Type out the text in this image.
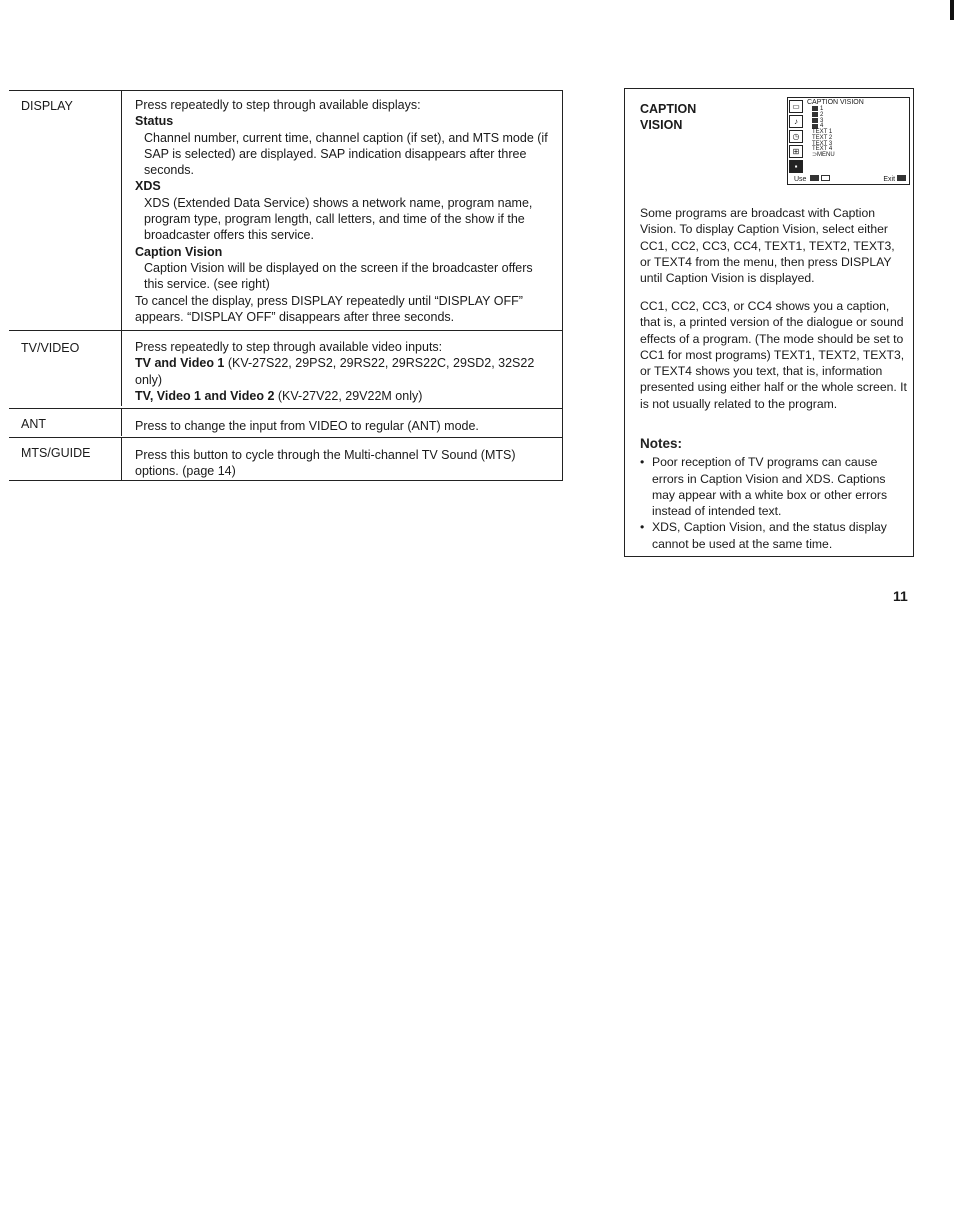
DISPLAY	Press repeatedly to step through available displays:
Status
Channel number, current time, channel caption (if set), and MTS mode (if SAP is selected) are displayed. SAP indication disappears after three seconds.
XDS
XDS (Extended Data Service) shows a network name, program name, program type, program length, call letters, and time of the show if the broadcaster offers this service.
Caption Vision
Caption Vision will be displayed on the screen if the broadcaster offers this service. (see right)
To cancel the display, press DISPLAY repeatedly until “DISPLAY OFF” appears. “DISPLAY OFF” disappears after three seconds.
TV/VIDEO	Press repeatedly to step through available video inputs:
TV and Video 1 (KV-27S22, 29PS2, 29RS22, 29RS22C, 29SD2, 32S22 only)
TV, Video 1 and Video 2 (KV-27V22, 29V22M only)
ANT	Press to change the input from VIDEO to regular (ANT) mode.
MTS/GUIDE	Press this button to cycle through the Multi-channel TV Sound (MTS) options. (page 14)
CAPTION
VISION
Some programs are broadcast with Caption Vision. To display Caption Vision, select either CC1, CC2, CC3, CC4, TEXT1, TEXT2, TEXT3, or TEXT4 from the menu, then press DISPLAY until Caption Vision is displayed.
CC1, CC2, CC3, or CC4 shows you a caption, that is, a printed version of the dialogue or sound effects of a program. (The mode should be set to CC1 for most programs) TEXT1, TEXT2, TEXT3, or TEXT4 shows you text, that is, information presented using either half or the whole screen. It is not usually related to the program.
Notes:
• Poor reception of TV programs can cause errors in Caption Vision and XDS. Captions may appear with a white box or other errors instead of intended text.
• XDS, Caption Vision, and the status display cannot be used at the same time.
▭
♪
◷
⊞
▪
CAPTION VISION
1
2
3
4
TEXT 1
TEXT 2
TEXT 3
TEXT 4
⊃ MENU
Use	Exit
11
